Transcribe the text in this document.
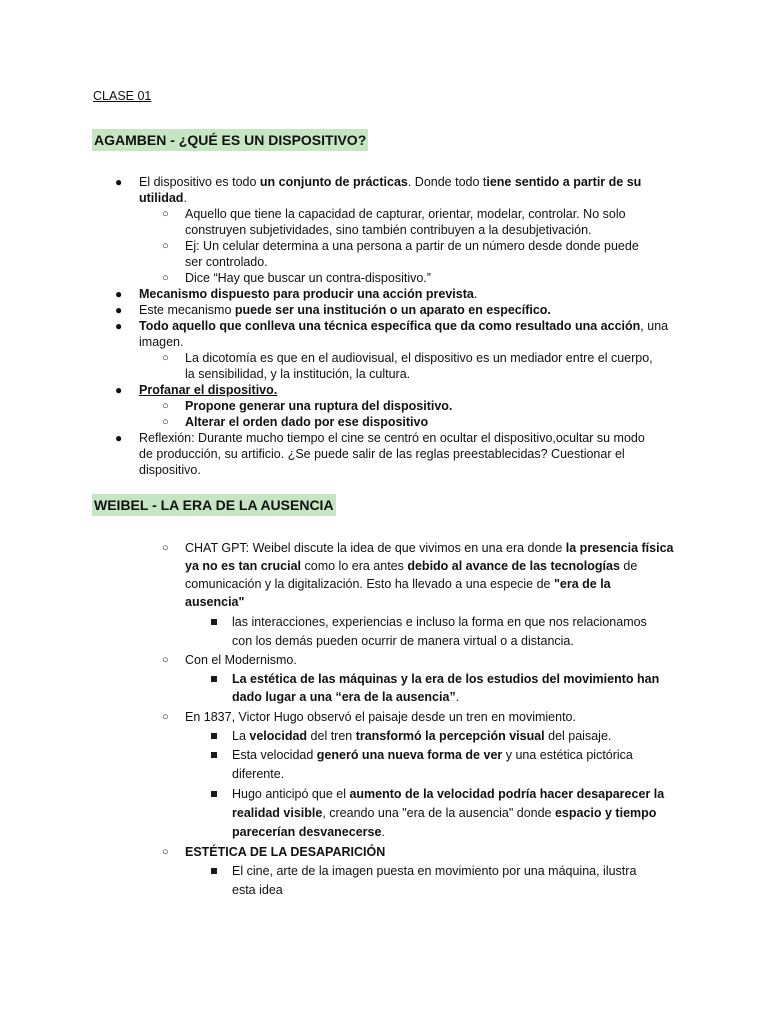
CLASE 01
AGAMBEN - ¿QUÉ ES UN DISPOSITIVO?
● El dispositivo es todo un conjunto de prácticas. Donde todo tiene sentido a partir de su
utilidad.
○ Aquello que tiene la capacidad de capturar, orientar, modelar, controlar. No solo
construyen subjetividades, sino también contribuyen a la desubjetivación.
○ Ej: Un celular determina a una persona a partir de un número desde donde puede
ser controlado.
○ Dice “Hay que buscar un contra-dispositivo.”
● Mecanismo dispuesto para producir una acción prevista.
● Este mecanismo puede ser una institución o un aparato en específico.
● Todo aquello que conlleva una técnica específica que da como resultado una acción, una
imagen.
○ La dicotomía es que en el audiovisual, el dispositivo es un mediador entre el cuerpo,
la sensibilidad, y la institución, la cultura.
● Profanar el dispositivo.
○ Propone generar una ruptura del dispositivo.
○ Alterar el orden dado por ese dispositivo
● Reflexión: Durante mucho tiempo el cine se centró en ocultar el dispositivo,ocultar su modo
de producción, su artificio. ¿Se puede salir de las reglas preestablecidas? Cuestionar el
dispositivo.
WEIBEL - LA ERA DE LA AUSENCIA
○ CHAT GPT: Weibel discute la idea de que vivimos en una era donde la presencia física
ya no es tan crucial como lo era antes debido al avance de las tecnologías de
comunicación y la digitalización. Esto ha llevado a una especie de "era de la
ausencia"
las interacciones, experiencias e incluso la forma en que nos relacionamos
con los demás pueden ocurrir de manera virtual o a distancia.
○ Con el Modernismo.
La estética de las máquinas y la era de los estudios del movimiento han
dado lugar a una “era de la ausencia”.
○ En 1837, Victor Hugo observó el paisaje desde un tren en movimiento.
La velocidad del tren transformó la percepción visual del paisaje.
Esta velocidad generó una nueva forma de ver y una estética pictórica
diferente.
Hugo anticipó que el aumento de la velocidad podría hacer desaparecer la
realidad visible, creando una "era de la ausencia" donde espacio y tiempo
parecerían desvanecerse.
○ ESTÉTICA DE LA DESAPARICIÓN
El cine, arte de la imagen puesta en movimiento por una máquina, ilustra
esta idea
